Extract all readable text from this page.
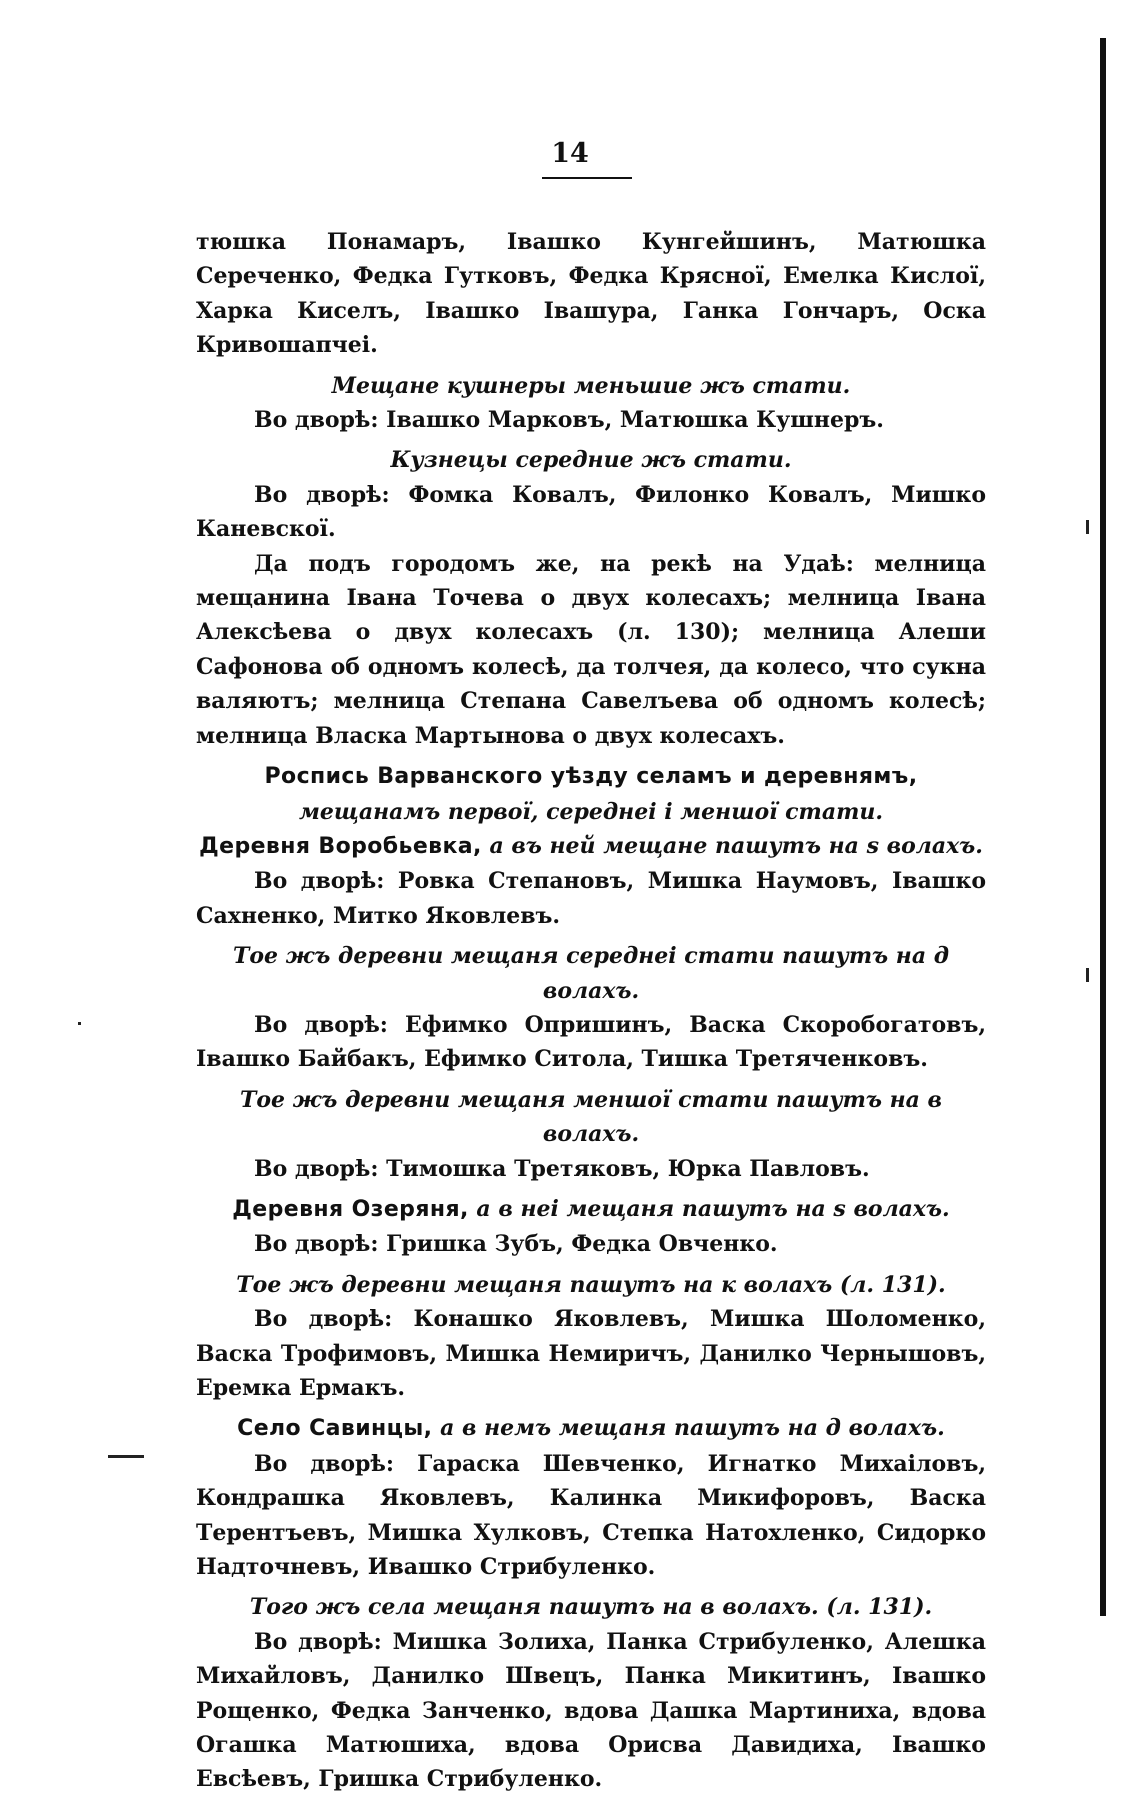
14

тюшка Понамаръ, Івашко Кунгейшинъ, Матюшка Сереченко, Федка Гутковъ, Федка Крясної, Емелка Кислої, Харка Киселъ, Івашко Івашура, Ганка Гончаръ, Оска Кривошапчеі.

Мещане кушнеры меньшие жъ стати.

Во дворѣ: Івашко Марковъ, Матюшка Кушнеръ.

Кузнецы середние жъ стати.

Во дворѣ: Фомка Ковалъ, Филонко Ковалъ, Мишко Каневскої.

Да подъ городомъ же, на рекѣ на Удаѣ: мелница мещанина Івана Точева о двух колесахъ; мелница Івана Алексѣева о двух колесахъ (л. 130); мелница Алеши Сафонова об одномъ колесѣ, да толчея, да колесо, что сукна валяютъ; мелница Степана Савелъева об одномъ колесѣ; мелница Власка Мартынова о двух колесахъ.

Роспись Варванского уѣзду селамъ и деревнямъ, мещанамъ первої, середнеі і меншої стати.

Деревня Воробьевка, а въ ней мещане пашутъ на ѕ волахъ.

Во дворѣ: Ровка Степановъ, Мишка Наумовъ, Івашко Сахненко, Митко Яковлевъ.

Тое жъ деревни мещаня середнеі стати пашутъ на д волахъ.

Во дворѣ: Ефимко Опришинъ, Васка Скоробогатовъ, Івашко Байбакъ, Ефимко Ситола, Тишка Третяченковъ.

Тое жъ деревни мещаня меншої стати пашутъ на в волахъ.

Во дворѣ: Тимошка Третяковъ, Юрка Павловъ.

Деревня Озеряня, а в неі мещаня пашутъ на ѕ волахъ.

Во дворѣ: Гришка Зубъ, Федка Овченко.

Тое жъ деревни мещаня пашутъ на к волахъ (л. 131).

Во дворѣ: Конашко Яковлевъ, Мишка Шоломенко, Васка Трофимовъ, Мишка Немиричъ, Данилко Чернышовъ, Еремка Ермакъ.

Село Савинцы, а в немъ мещаня пашутъ на д волахъ.

Во дворѣ: Гараска Шевченко, Игнатко Михаіловъ, Кондрашка Яковлевъ, Калинка Микифоровъ, Васка Терентъевъ, Мишка Хулковъ, Степка Натохленко, Сидорко Надточневъ, Ивашко Стрибуленко.

Того жъ села мещаня пашутъ на в волахъ. (л. 131).

Во дворѣ: Мишка Золиха, Панка Стрибуленко, Алешка Михайловъ, Данилко Швецъ, Панка Микитинъ, Івашко Рощенко, Федка Занченко, вдова Дашка Мартиниха, вдова Огашка Матюшиха, вдова Орисва Давидиха, Івашко Евсѣевъ, Гришка Стрибуленко.
